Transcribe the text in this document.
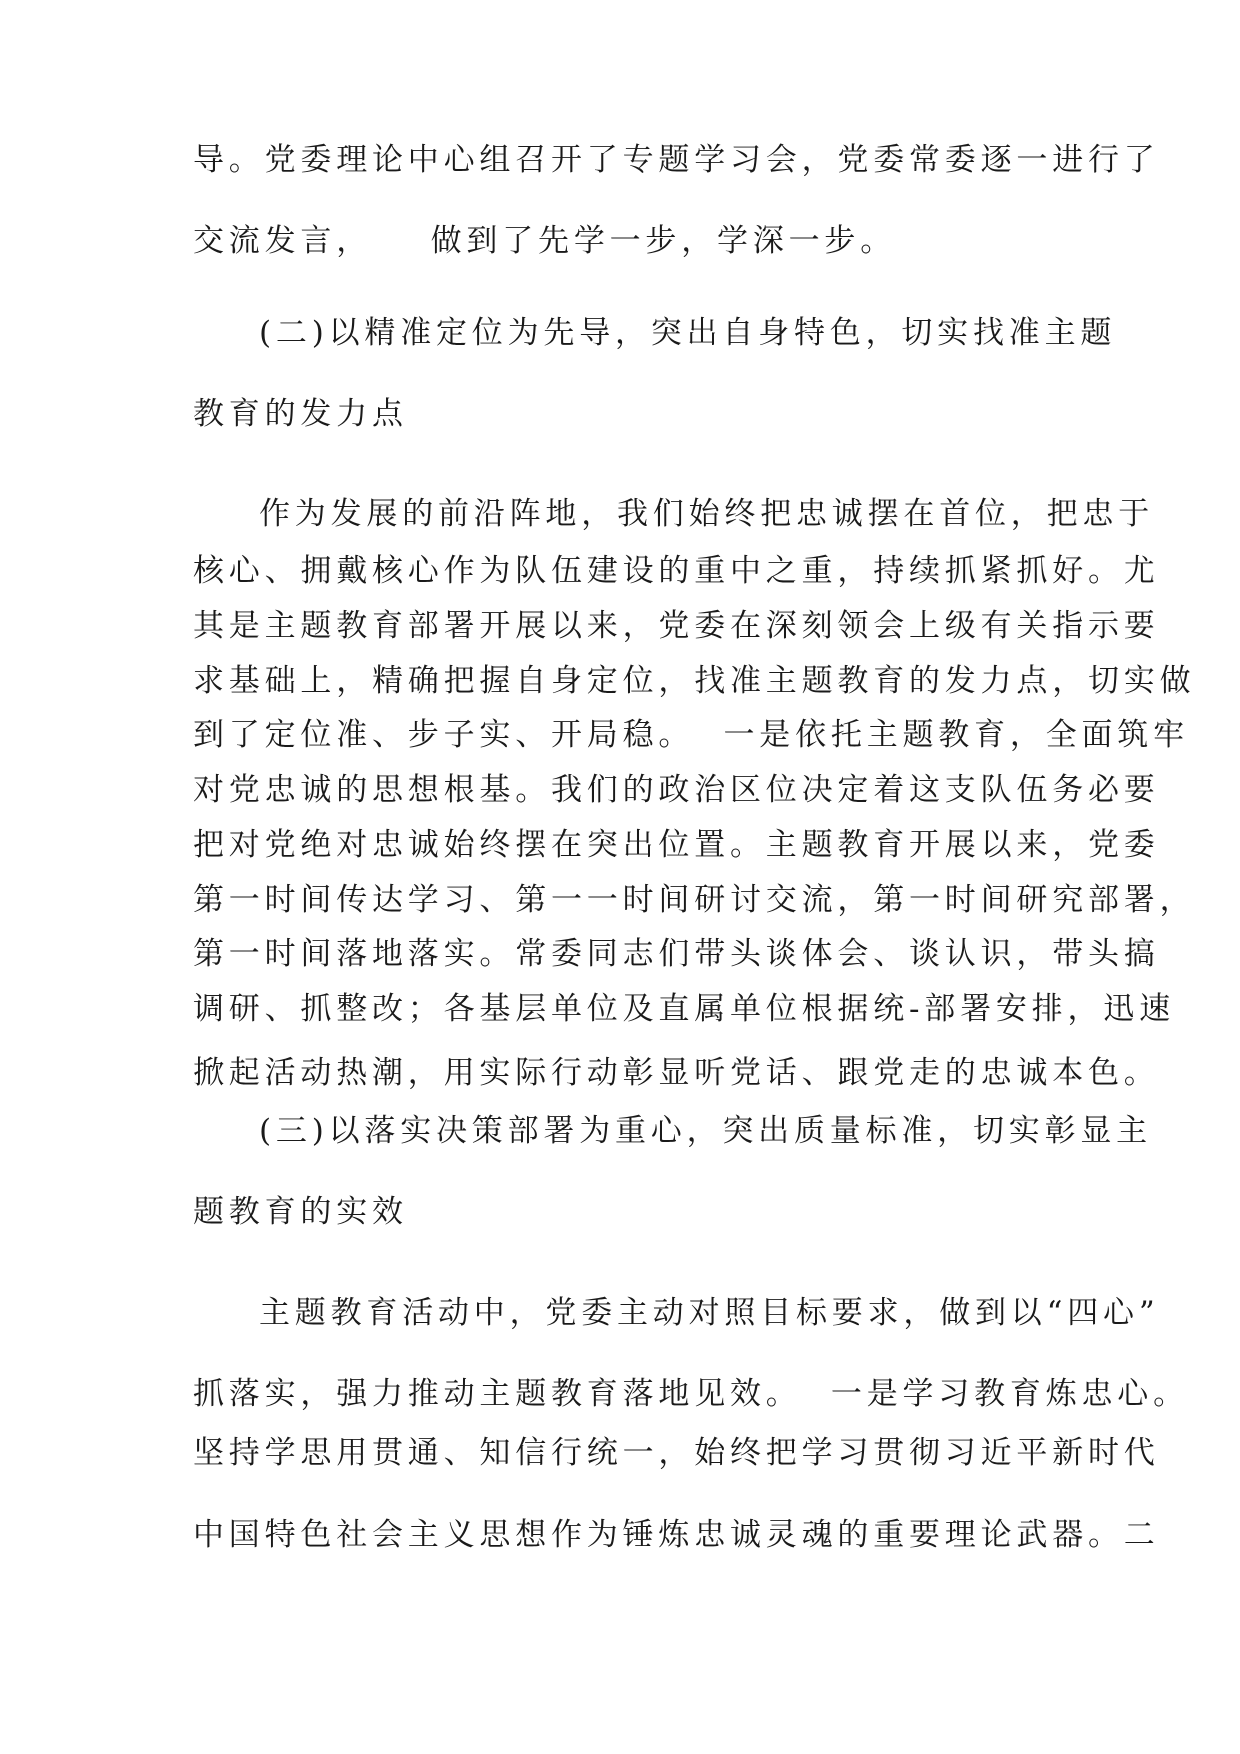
导。党委理论中心组召开了专题学习会，党委常委逐一进行了
交流发言，    做到了先学一步，学深一步。
(二)以精准定位为先导，突出自身特色，切实找准主题
教育的发力点
作为发展的前沿阵地，我们始终把忠诚摆在首位，把忠于
核心、拥戴核心作为队伍建设的重中之重，持续抓紧抓好。尤
其是主题教育部署开展以来，党委在深刻领会上级有关指示要
求基础上，精确把握自身定位，找准主题教育的发力点，切实做
到了定位准、步子实、开局稳。  一是依托主题教育，全面筑牢
对党忠诚的思想根基。我们的政治区位决定着这支队伍务必要
把对党绝对忠诚始终摆在突出位置。主题教育开展以来，党委
第一时间传达学习、第一一时间研讨交流，第一时间研究部署，
第一时间落地落实。常委同志们带头谈体会、谈认识，带头搞
调研、抓整改；各基层单位及直属单位根据统-部署安排，迅速
掀起活动热潮，用实际行动彰显听党话、跟党走的忠诚本色。
(三)以落实决策部署为重心，突出质量标准，切实彰显主
题教育的实效
主题教育活动中，党委主动对照目标要求，做到以“四心”
抓落实，强力推动主题教育落地见效。  一是学习教育炼忠心。
坚持学思用贯通、知信行统一，始终把学习贯彻习近平新时代
中国特色社会主义思想作为锤炼忠诚灵魂的重要理论武器。二
